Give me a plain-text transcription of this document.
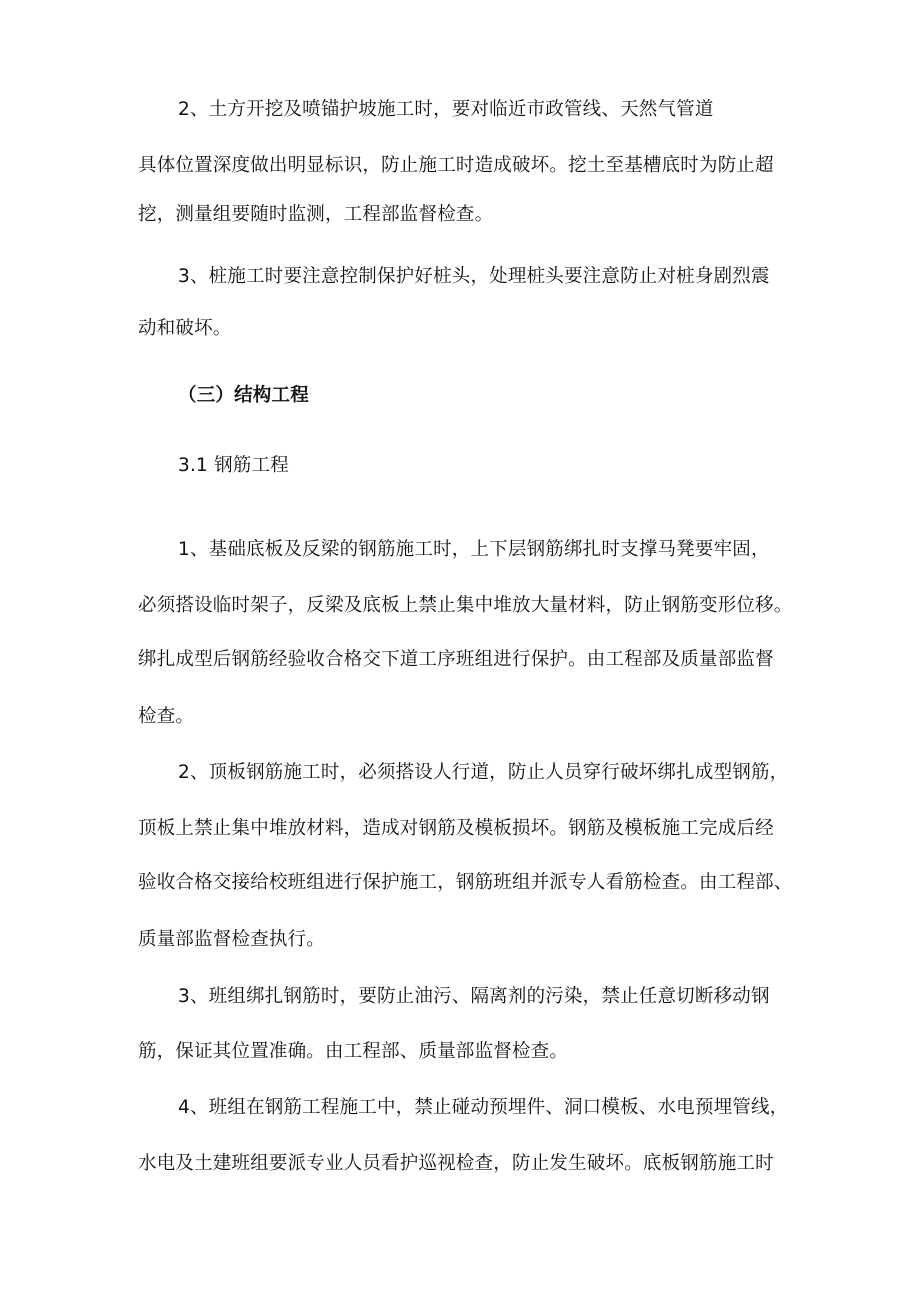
2、土方开挖及喷锚护坡施工时，要对临近市政管线、天然气管道
具体位置深度做出明显标识，防止施工时造成破坏。挖土至基槽底时为防止超
挖，测量组要随时监测，工程部监督检查。
3、桩施工时要注意控制保护好桩头，处理桩头要注意防止对桩身剧烈震
动和破坏。
（三）结构工程
3.1 钢筋工程
1、基础底板及反梁的钢筋施工时，上下层钢筋绑扎时支撑马凳要牢固，
必须搭设临时架子，反梁及底板上禁止集中堆放大量材料，防止钢筋变形位移。
绑扎成型后钢筋经验收合格交下道工序班组进行保护。由工程部及质量部监督
检查。
2、顶板钢筋施工时，必须搭设人行道，防止人员穿行破坏绑扎成型钢筋，
顶板上禁止集中堆放材料，造成对钢筋及模板损坏。钢筋及模板施工完成后经
验收合格交接给校班组进行保护施工，钢筋班组并派专人看筋检查。由工程部、
质量部监督检查执行。
3、班组绑扎钢筋时，要防止油污、隔离剂的污染，禁止任意切断移动钢
筋，保证其位置准确。由工程部、质量部监督检查。
4、班组在钢筋工程施工中，禁止碰动预埋件、洞口模板、水电预埋管线，
水电及土建班组要派专业人员看护巡视检查，防止发生破坏。底板钢筋施工时
